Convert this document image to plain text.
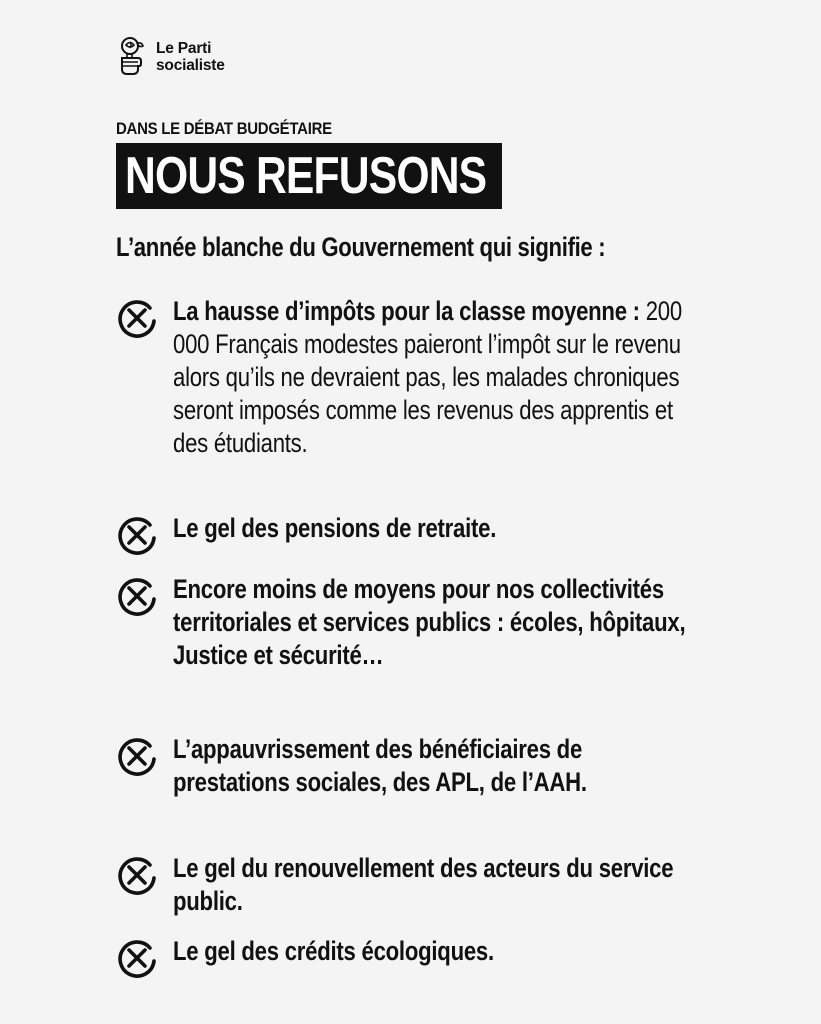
Le Parti
socialiste
DANS LE DÉBAT BUDGÉTAIRE
NOUS REFUSONS
L’année blanche du Gouvernement qui signifie :
La hausse d’impôts pour la classe moyenne : 200 000 Français modestes paieront l’impôt sur le revenu alors qu’ils ne devraient pas, les malades chroniques seront imposés comme les revenus des apprentis et des étudiants.
Le gel des pensions de retraite.
Encore moins de moyens pour nos collectivités territoriales et services publics : écoles, hôpitaux, Justice et sécurité…
L’appauvrissement des bénéficiaires de prestations sociales, des APL, de l’AAH.
Le gel du renouvellement des acteurs du service public.
Le gel des crédits écologiques.
